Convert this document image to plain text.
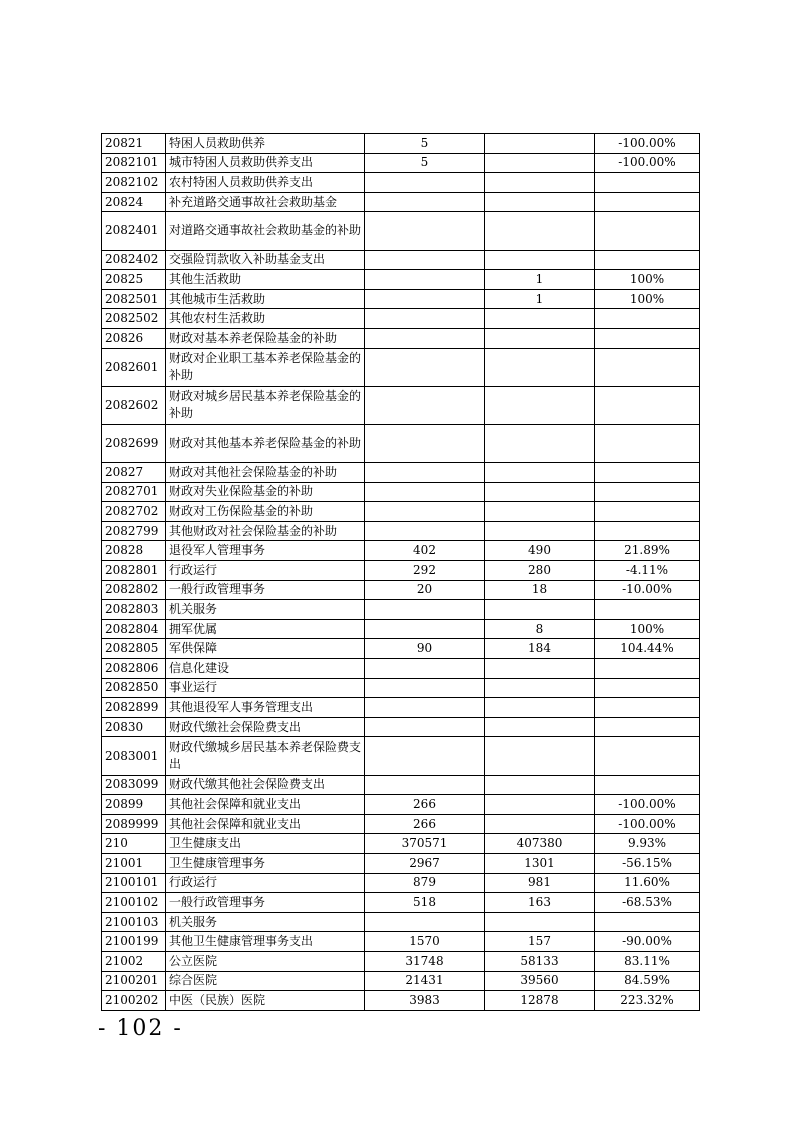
20821	特困人员救助供养	5		-100.00%
2082101	城市特困人员救助供养支出	5		-100.00%
2082102	农村特困人员救助供养支出			
20824	补充道路交通事故社会救助基金			
2082401	对道路交通事故社会救助基金的补助			
2082402	交强险罚款收入补助基金支出			
20825	其他生活救助		1	100%
2082501	其他城市生活救助		1	100%
2082502	其他农村生活救助			
20826	财政对基本养老保险基金的补助			
2082601	财政对企业职工基本养老保险基金的补助			
2082602	财政对城乡居民基本养老保险基金的补助			
2082699	财政对其他基本养老保险基金的补助			
20827	财政对其他社会保险基金的补助			
2082701	财政对失业保险基金的补助			
2082702	财政对工伤保险基金的补助			
2082799	其他财政对社会保险基金的补助			
20828	退役军人管理事务	402	490	21.89%
2082801	行政运行	292	280	-4.11%
2082802	一般行政管理事务	20	18	-10.00%
2082803	机关服务			
2082804	拥军优属		8	100%
2082805	军供保障	90	184	104.44%
2082806	信息化建设			
2082850	事业运行			
2082899	其他退役军人事务管理支出			
20830	财政代缴社会保险费支出			
2083001	财政代缴城乡居民基本养老保险费支出			
2083099	财政代缴其他社会保险费支出			
20899	其他社会保障和就业支出	266		-100.00%
2089999	其他社会保障和就业支出	266		-100.00%
210	卫生健康支出	370571	407380	9.93%
21001	卫生健康管理事务	2967	1301	-56.15%
2100101	行政运行	879	981	11.60%
2100102	一般行政管理事务	518	163	-68.53%
2100103	机关服务			
2100199	其他卫生健康管理事务支出	1570	157	-90.00%
21002	公立医院	31748	58133	83.11%
2100201	综合医院	21431	39560	84.59%
2100202	中医（民族）医院	3983	12878	223.32%
- 102 -
